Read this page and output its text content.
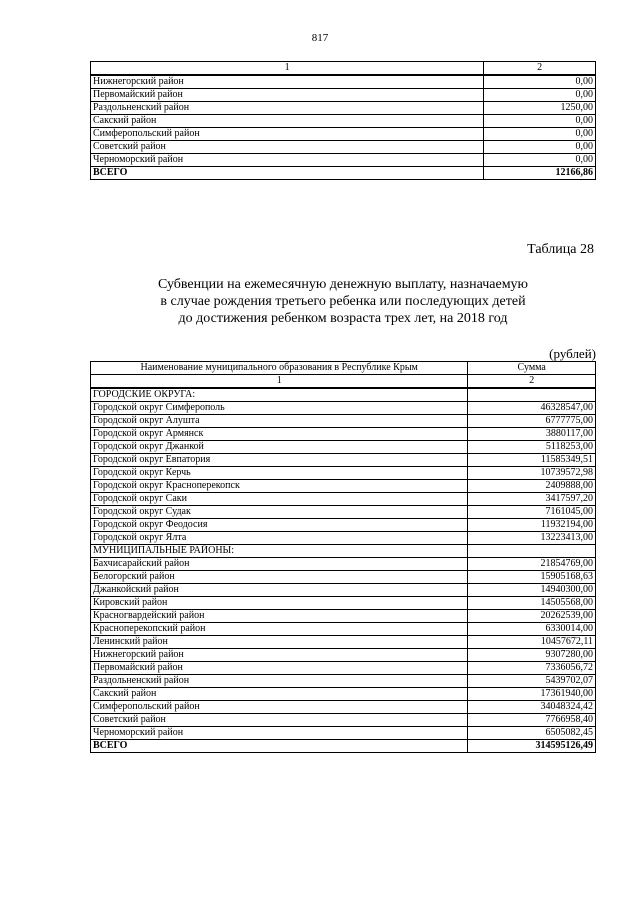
817
1	2
Нижнегорский район	0,00
Первомайский район	0,00
Раздольненский район	1250,00
Сакский район	0,00
Симферопольский район	0,00
Советский район	0,00
Черноморский район	0,00
ВСЕГО	12166,86
Таблица 28
Субвенции на ежемесячную денежную выплату, назначаемую
в случае рождения третьего ребенка или последующих детей
до достижения ребенком возраста трех лет, на 2018 год
(рублей)
Наименование муниципального образования в Республике Крым	Сумма
1	2
ГОРОДСКИЕ ОКРУГА:	
Городской округ Симферополь	46328547,00
Городской округ Алушта	6777775,00
Городской округ Армянск	3880117,00
Городской округ Джанкой	5118253,00
Городской округ Евпатория	11585349,51
Городской округ Керчь	10739572,98
Городской округ Красноперекопск	2409888,00
Городской округ Саки	3417597,20
Городской округ Судак	7161045,00
Городской округ Феодосия	11932194,00
Городской округ Ялта	13223413,00
МУНИЦИПАЛЬНЫЕ РАЙОНЫ:	
Бахчисарайский район	21854769,00
Белогорский район	15905168,63
Джанкойский район	14940300,00
Кировский район	14505568,00
Красногвардейский район	20262539,00
Красноперекопский район	6330014,00
Ленинский район	10457672,11
Нижнегорский район	9307280,00
Первомайский район	7336056,72
Раздольненский район	5439702,07
Сакский район	17361940,00
Симферопольский район	34048324,42
Советский район	7766958,40
Черноморский район	6505082,45
ВСЕГО	314595126,49
